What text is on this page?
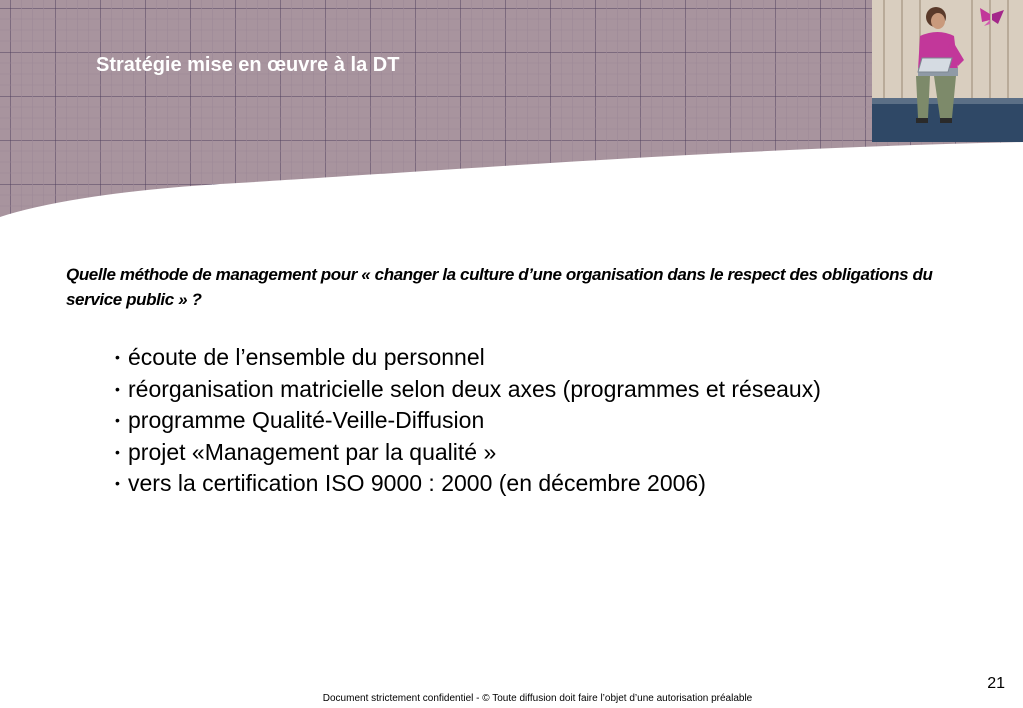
Stratégie mise en œuvre à la DT

Quelle méthode de management pour « changer la culture d’une organisation dans le respect des obligations du service public » ?

• écoute de l’ensemble du personnel
• réorganisation matricielle selon deux axes (programmes et réseaux)
• programme Qualité-Veille-Diffusion
• projet «Management par la qualité »
• vers la certification ISO 9000 : 2000 (en décembre 2006)
21
Document strictement confidentiel - © Toute diffusion doit faire l’objet d’une autorisation préalable
